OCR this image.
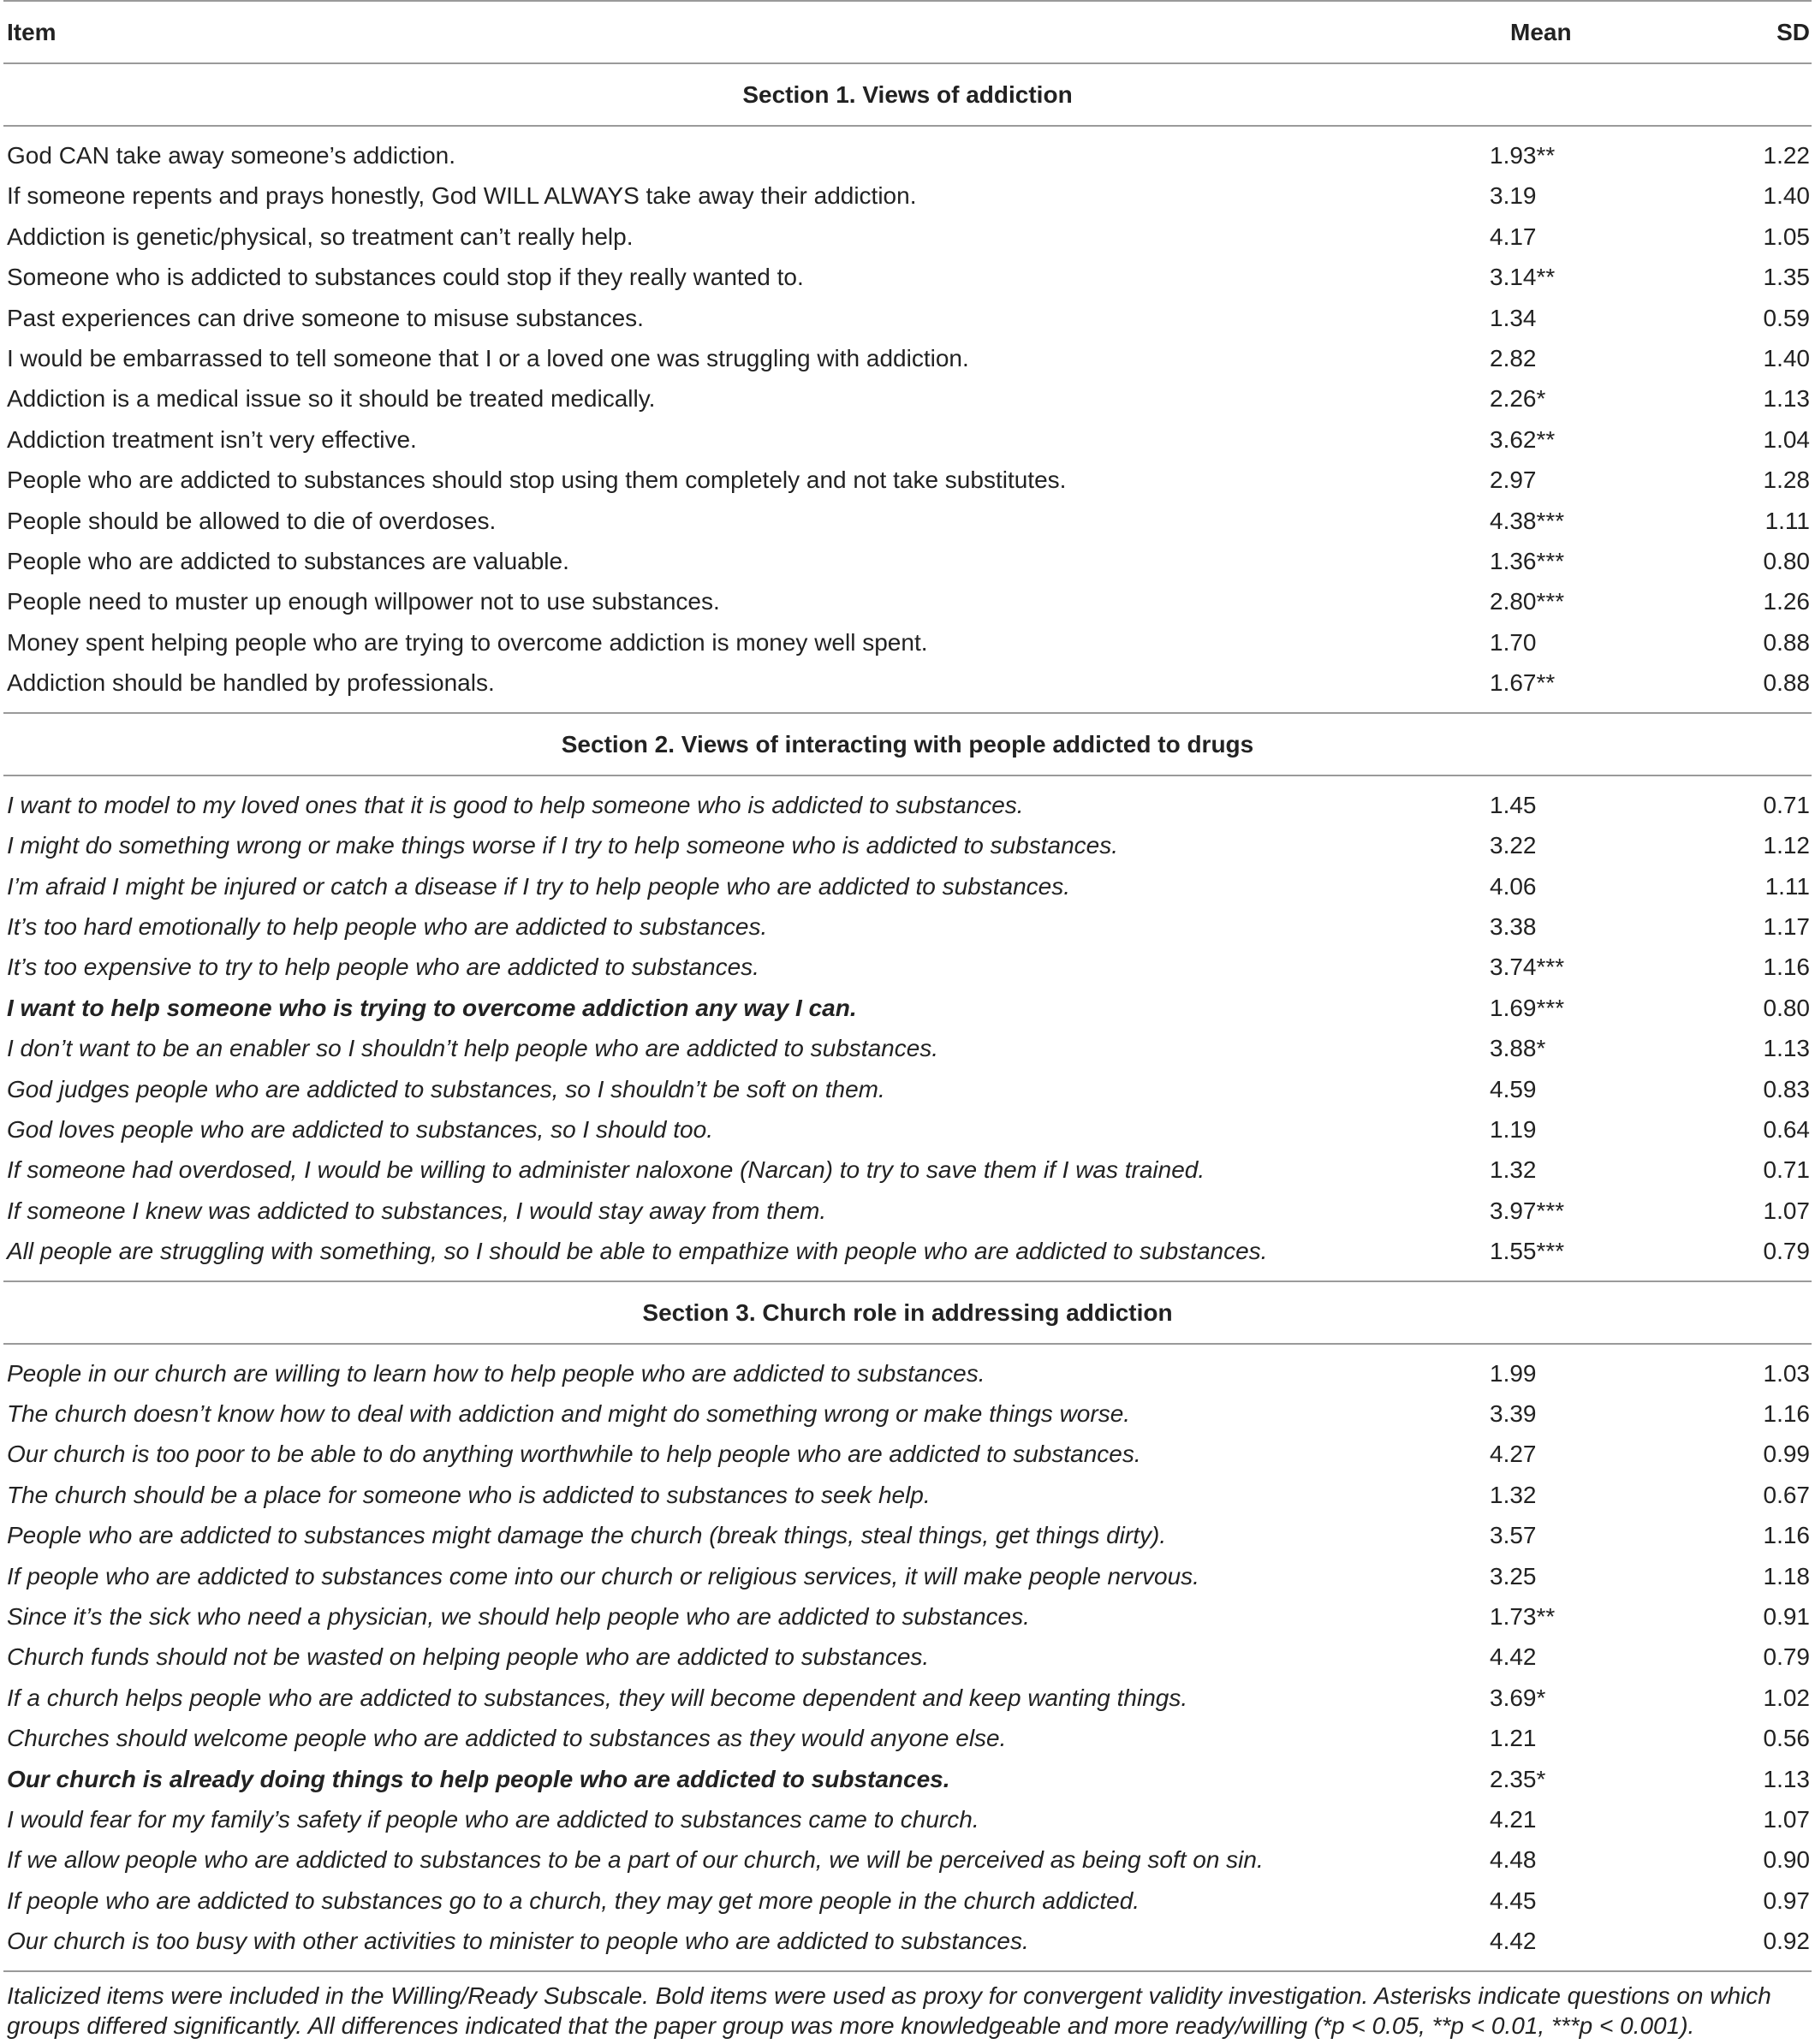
Item	Mean	SD
Section 1. Views of addiction		
God CAN take away someone’s addiction.	1.93**	1.22
If someone repents and prays honestly, God WILL ALWAYS take away their addiction.	3.19	1.40
Addiction is genetic/physical, so treatment can’t really help.	4.17	1.05
Someone who is addicted to substances could stop if they really wanted to.	3.14**	1.35
Past experiences can drive someone to misuse substances.	1.34	0.59
I would be embarrassed to tell someone that I or a loved one was struggling with addiction.	2.82	1.40
Addiction is a medical issue so it should be treated medically.	2.26*	1.13
Addiction treatment isn’t very effective.	3.62**	1.04
People who are addicted to substances should stop using them completely and not take substitutes.	2.97	1.28
People should be allowed to die of overdoses.	4.38***	1.11
People who are addicted to substances are valuable.	1.36***	0.80
People need to muster up enough willpower not to use substances.	2.80***	1.26
Money spent helping people who are trying to overcome addiction is money well spent.	1.70	0.88
Addiction should be handled by professionals.	1.67**	0.88
Section 2. Views of interacting with people addicted to drugs		
I want to model to my loved ones that it is good to help someone who is addicted to substances.	1.45	0.71
I might do something wrong or make things worse if I try to help someone who is addicted to substances.	3.22	1.12
I’m afraid I might be injured or catch a disease if I try to help people who are addicted to substances.	4.06	1.11
It’s too hard emotionally to help people who are addicted to substances.	3.38	1.17
It’s too expensive to try to help people who are addicted to substances.	3.74***	1.16
I want to help someone who is trying to overcome addiction any way I can.	1.69***	0.80
I don’t want to be an enabler so I shouldn’t help people who are addicted to substances.	3.88*	1.13
God judges people who are addicted to substances, so I shouldn’t be soft on them.	4.59	0.83
God loves people who are addicted to substances, so I should too.	1.19	0.64
If someone had overdosed, I would be willing to administer naloxone (Narcan) to try to save them if I was trained.	1.32	0.71
If someone I knew was addicted to substances, I would stay away from them.	3.97***	1.07
All people are struggling with something, so I should be able to empathize with people who are addicted to substances.	1.55***	0.79
Section 3. Church role in addressing addiction		
People in our church are willing to learn how to help people who are addicted to substances.	1.99	1.03
The church doesn’t know how to deal with addiction and might do something wrong or make things worse.	3.39	1.16
Our church is too poor to be able to do anything worthwhile to help people who are addicted to substances.	4.27	0.99
The church should be a place for someone who is addicted to substances to seek help.	1.32	0.67
People who are addicted to substances might damage the church (break things, steal things, get things dirty).	3.57	1.16
If people who are addicted to substances come into our church or religious services, it will make people nervous.	3.25	1.18
Since it’s the sick who need a physician, we should help people who are addicted to substances.	1.73**	0.91
Church funds should not be wasted on helping people who are addicted to substances.	4.42	0.79
If a church helps people who are addicted to substances, they will become dependent and keep wanting things.	3.69*	1.02
Churches should welcome people who are addicted to substances as they would anyone else.	1.21	0.56
Our church is already doing things to help people who are addicted to substances.	2.35*	1.13
I would fear for my family’s safety if people who are addicted to substances came to church.	4.21	1.07
If we allow people who are addicted to substances to be a part of our church, we will be perceived as being soft on sin.	4.48	0.90
If people who are addicted to substances go to a church, they may get more people in the church addicted.	4.45	0.97
Our church is too busy with other activities to minister to people who are addicted to substances.	4.42	0.92
Italicized items were included in the Willing/Ready Subscale. Bold items were used as proxy for convergent validity investigation. Asterisks indicate questions on which groups differed significantly. All differences indicated that the paper group was more knowledgeable and more ready/willing (*p < 0.05, **p < 0.01, ***p < 0.001).
